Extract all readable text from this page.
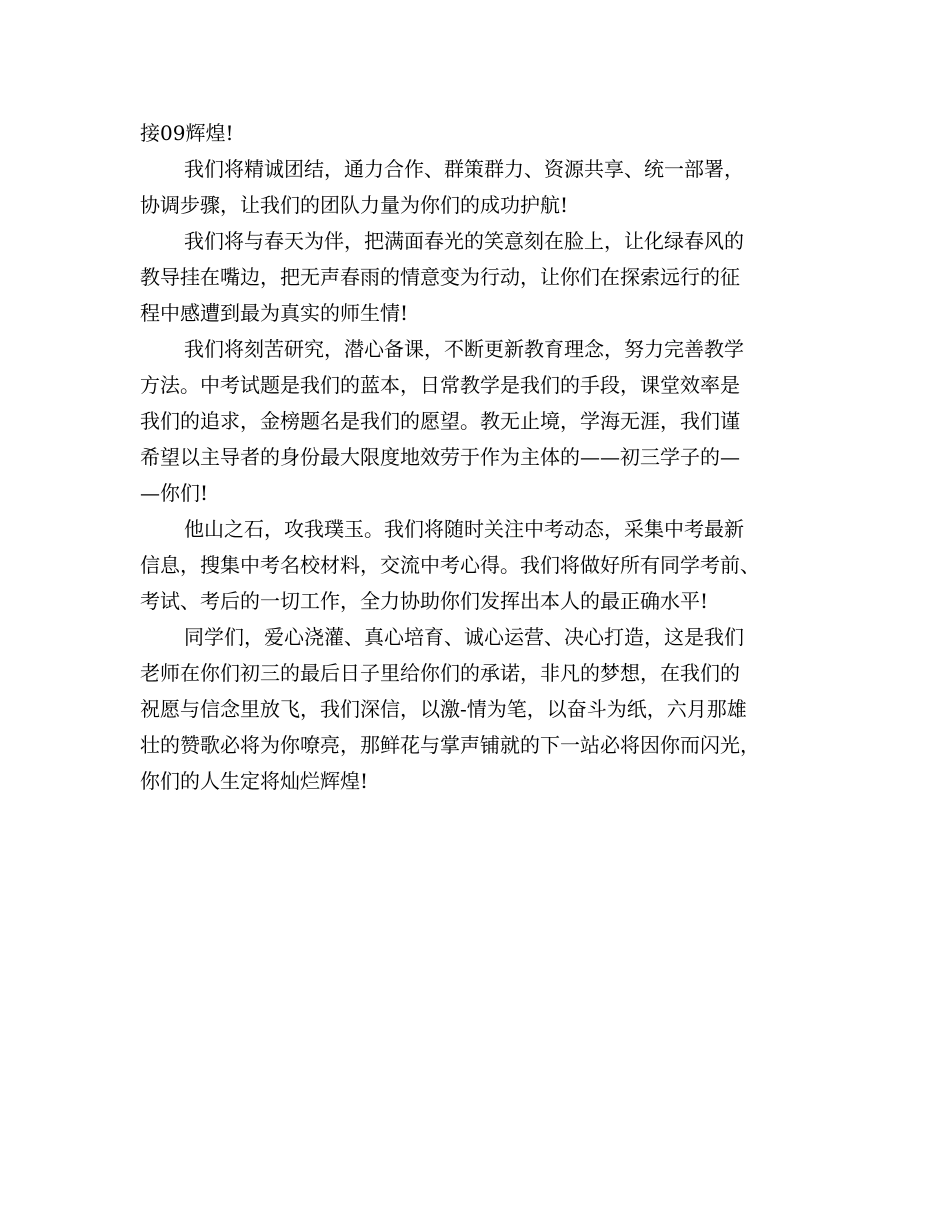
接09辉煌!
我们将精诚团结，通力合作、群策群力、资源共享、统一部署，
协调步骤，让我们的团队力量为你们的成功护航!
我们将与春天为伴，把满面春光的笑意刻在脸上，让化绿春风的
教导挂在嘴边，把无声春雨的情意变为行动，让你们在探索远行的征
程中感遭到最为真实的师生情!
我们将刻苦研究，潜心备课，不断更新教育理念，努力完善教学
方法。中考试题是我们的蓝本，日常教学是我们的手段，课堂效率是
我们的追求，金榜题名是我们的愿望。教无止境，学海无涯，我们谨
希望以主导者的身份最大限度地效劳于作为主体的——初三学子的—
—你们!
他山之石，攻我璞玉。我们将随时关注中考动态，采集中考最新
信息，搜集中考名校材料，交流中考心得。我们将做好所有同学考前、
考试、考后的一切工作，全力协助你们发挥出本人的最正确水平!
同学们，爱心浇灌、真心培育、诚心运营、决心打造，这是我们
老师在你们初三的最后日子里给你们的承诺，非凡的梦想，在我们的
祝愿与信念里放飞，我们深信，以激-情为笔，以奋斗为纸，六月那雄
壮的赞歌必将为你嘹亮，那鲜花与掌声铺就的下一站必将因你而闪光，
你们的人生定将灿烂辉煌!
